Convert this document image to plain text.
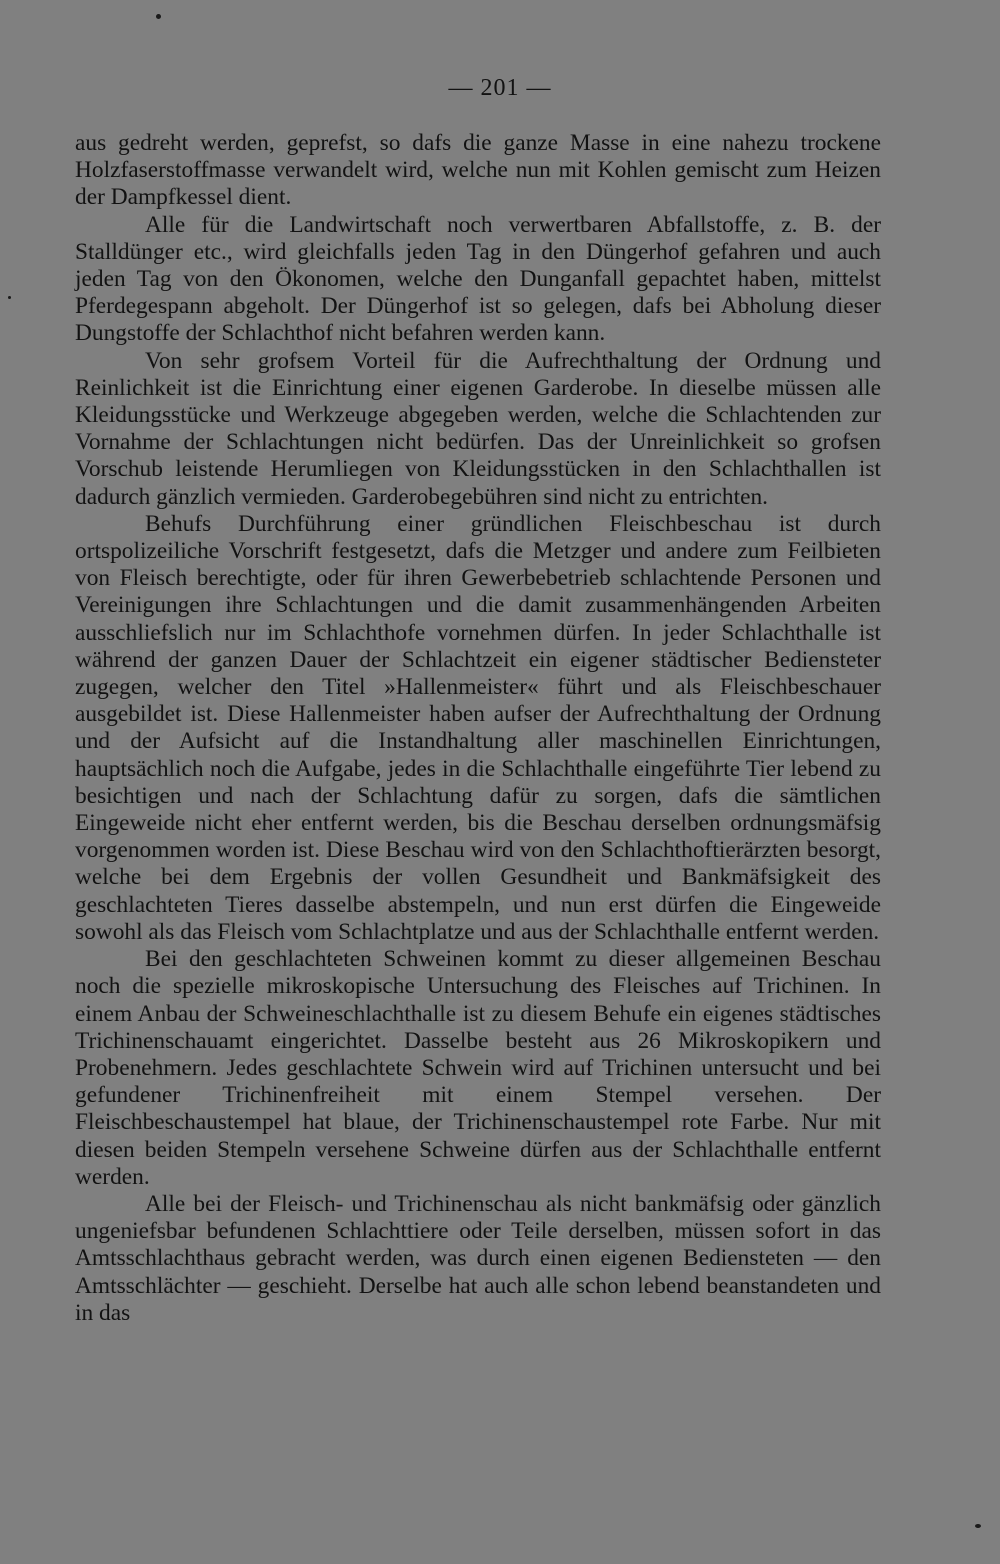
— 201 —

aus gedreht werden, geprefst, so dafs die ganze Masse in eine nahezu trockene Holzfaserstoffmasse verwandelt wird, welche nun mit Kohlen gemischt zum Heizen der Dampfkessel dient.

Alle für die Landwirtschaft noch verwertbaren Abfallstoffe, z. B. der Stalldünger etc., wird gleichfalls jeden Tag in den Düngerhof gefahren und auch jeden Tag von den Ökonomen, welche den Dunganfall gepachtet haben, mittelst Pferdegespann abgeholt. Der Düngerhof ist so gelegen, dafs bei Abholung dieser Dungstoffe der Schlachthof nicht befahren werden kann.

Von sehr grofsem Vorteil für die Aufrechthaltung der Ordnung und Reinlichkeit ist die Einrichtung einer eigenen Garderobe. In dieselbe müssen alle Kleidungsstücke und Werkzeuge abgegeben werden, welche die Schlachtenden zur Vornahme der Schlachtungen nicht bedürfen. Das der Unreinlichkeit so grofsen Vorschub leistende Herumliegen von Kleidungsstücken in den Schlachthallen ist dadurch gänzlich vermieden. Garderobegebühren sind nicht zu entrichten.

Behufs Durchführung einer gründlichen Fleischbeschau ist durch ortspolizeiliche Vorschrift festgesetzt, dafs die Metzger und andere zum Feilbieten von Fleisch berechtigte, oder für ihren Gewerbebetrieb schlachtende Personen und Vereinigungen ihre Schlachtungen und die damit zusammenhängenden Arbeiten ausschliefslich nur im Schlachthofe vornehmen dürfen. In jeder Schlachthalle ist während der ganzen Dauer der Schlachtzeit ein eigener städtischer Bediensteter zugegen, welcher den Titel »Hallenmeister« führt und als Fleischbeschauer ausgebildet ist. Diese Hallenmeister haben aufser der Aufrechthaltung der Ordnung und der Aufsicht auf die Instandhaltung aller maschinellen Einrichtungen, hauptsächlich noch die Aufgabe, jedes in die Schlachthalle eingeführte Tier lebend zu besichtigen und nach der Schlachtung dafür zu sorgen, dafs die sämtlichen Eingeweide nicht eher entfernt werden, bis die Beschau derselben ordnungsmäfsig vorgenommen worden ist. Diese Beschau wird von den Schlachthoftierärzten besorgt, welche bei dem Ergebnis der vollen Gesundheit und Bankmäfsigkeit des geschlachteten Tieres dasselbe abstempeln, und nun erst dürfen die Eingeweide sowohl als das Fleisch vom Schlachtplatze und aus der Schlachthalle entfernt werden.

Bei den geschlachteten Schweinen kommt zu dieser allgemeinen Beschau noch die spezielle mikroskopische Untersuchung des Fleisches auf Trichinen. In einem Anbau der Schweineschlachthalle ist zu diesem Behufe ein eigenes städtisches Trichinenschauamt eingerichtet. Dasselbe besteht aus 26 Mikroskopikern und Probenehmern. Jedes geschlachtete Schwein wird auf Trichinen untersucht und bei gefundener Trichinenfreiheit mit einem Stempel versehen. Der Fleischbeschaustempel hat blaue, der Trichinenschaustempel rote Farbe. Nur mit diesen beiden Stempeln versehene Schweine dürfen aus der Schlachthalle entfernt werden.

Alle bei der Fleisch- und Trichinenschau als nicht bankmäfsig oder gänzlich ungeniefsbar befundenen Schlachttiere oder Teile derselben, müssen sofort in das Amtsschlachthaus gebracht werden, was durch einen eigenen Bediensteten — den Amtsschlächter — geschieht. Derselbe hat auch alle schon lebend beanstandeten und in das
